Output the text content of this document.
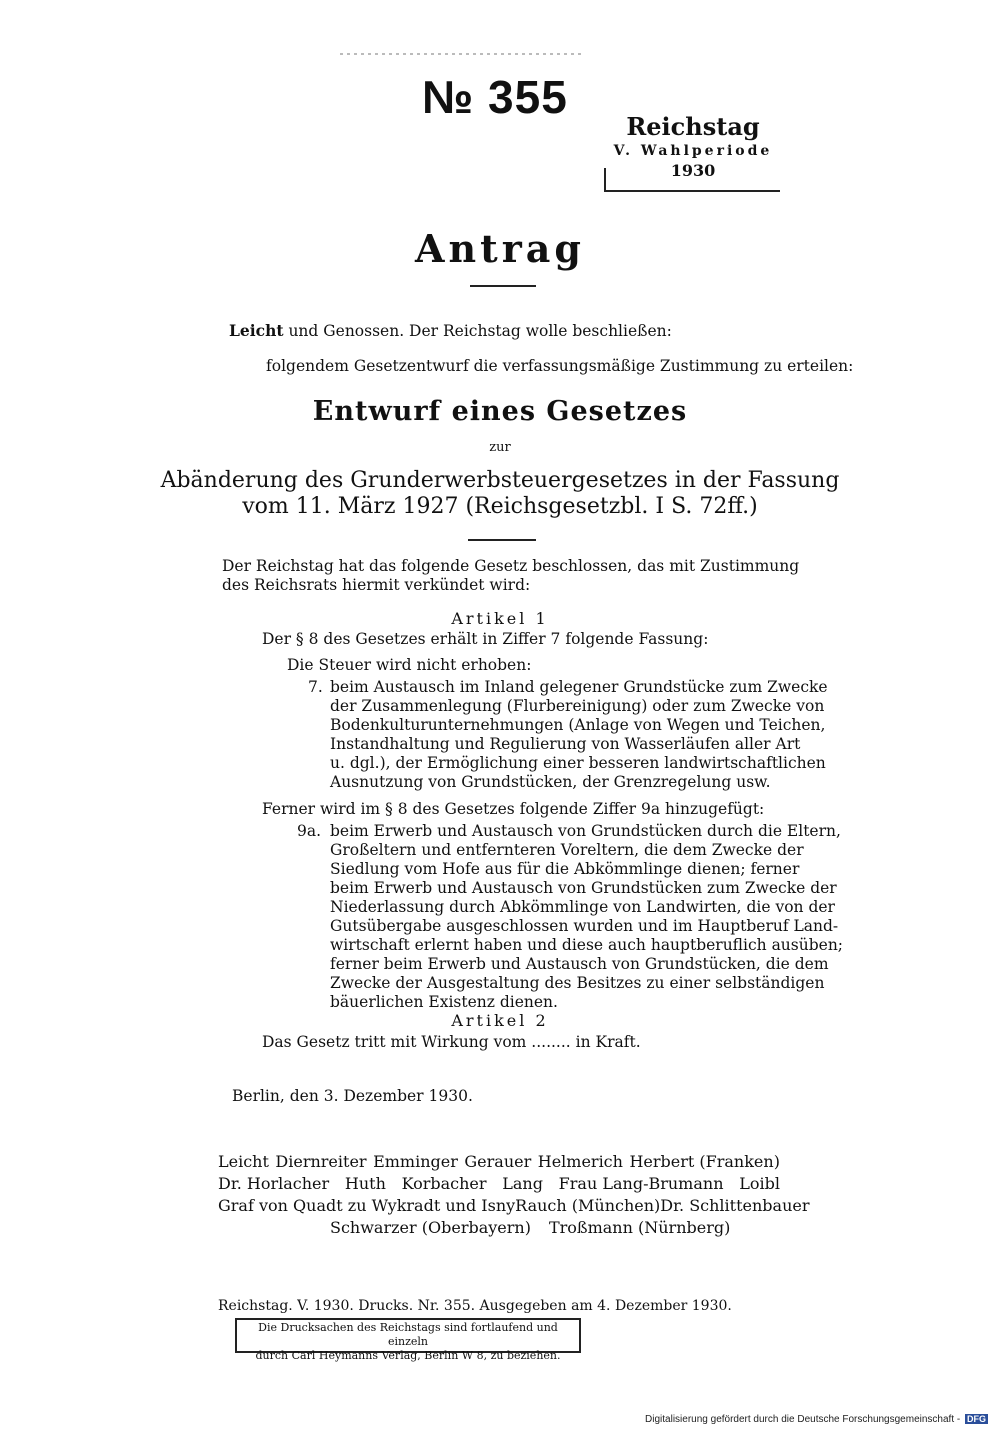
№ 355
Reichstag
V. Wahlperiode
1930
Antrag
Leicht und Genossen. Der Reichstag wolle beschließen:
folgendem Gesetzentwurf die verfassungsmäßige Zustimmung zu erteilen:
Entwurf eines Gesetzes
zur
Abänderung des Grunderwerbsteuergesetzes in der Fassung
vom 11. März 1927 (Reichsgesetzbl. I S. 72ff.)
Der Reichstag hat das folgende Gesetz beschlossen, das mit Zustimmung
des Reichsrats hiermit verkündet wird:
Artikel 1
Der § 8 des Gesetzes erhält in Ziffer 7 folgende Fassung:
Die Steuer wird nicht erhoben:
7. beim Austausch im Inland gelegener Grundstücke zum Zwecke
der Zusammenlegung (Flurbereinigung) oder zum Zwecke von
Bodenkulturunternehmungen (Anlage von Wegen und Teichen,
Instandhaltung und Regulierung von Wasserläufen aller Art
u. dgl.), der Ermöglichung einer besseren landwirtschaftlichen
Ausnutzung von Grundstücken, der Grenzregelung usw.
Ferner wird im § 8 des Gesetzes folgende Ziffer 9a hinzugefügt:
9a. beim Erwerb und Austausch von Grundstücken durch die Eltern,
Großeltern und entfernteren Voreltern, die dem Zwecke der
Siedlung vom Hofe aus für die Abkömmlinge dienen; ferner
beim Erwerb und Austausch von Grundstücken zum Zwecke der
Niederlassung durch Abkömmlinge von Landwirten, die von der
Gutsübergabe ausgeschlossen wurden und im Hauptberuf Land-
wirtschaft erlernt haben und diese auch hauptberuflich ausüben;
ferner beim Erwerb und Austausch von Grundstücken, die dem
Zwecke der Ausgestaltung des Besitzes zu einer selbständigen
bäuerlichen Existenz dienen.
Artikel 2
Das Gesetz tritt mit Wirkung vom ........ in Kraft.
Berlin, den 3. Dezember 1930.
Leicht Diernreiter Emminger Gerauer Helmerich Herbert (Franken)
Dr. Horlacher Huth Korbacher Lang Frau Lang-Brumann Loibl
Graf von Quadt zu Wykradt und Isny Rauch (München) Dr. Schlittenbauer
Schwarzer (Oberbayern) Troßmann (Nürnberg)
Reichstag. V. 1930. Drucks. Nr. 355. Ausgegeben am 4. Dezember 1930.
Die Drucksachen des Reichstags sind fortlaufend und einzeln
durch Carl Heymanns Verlag, Berlin W 8, zu beziehen.
Digitalisierung gefördert durch die Deutsche Forschungsgemeinschaft - DFG
